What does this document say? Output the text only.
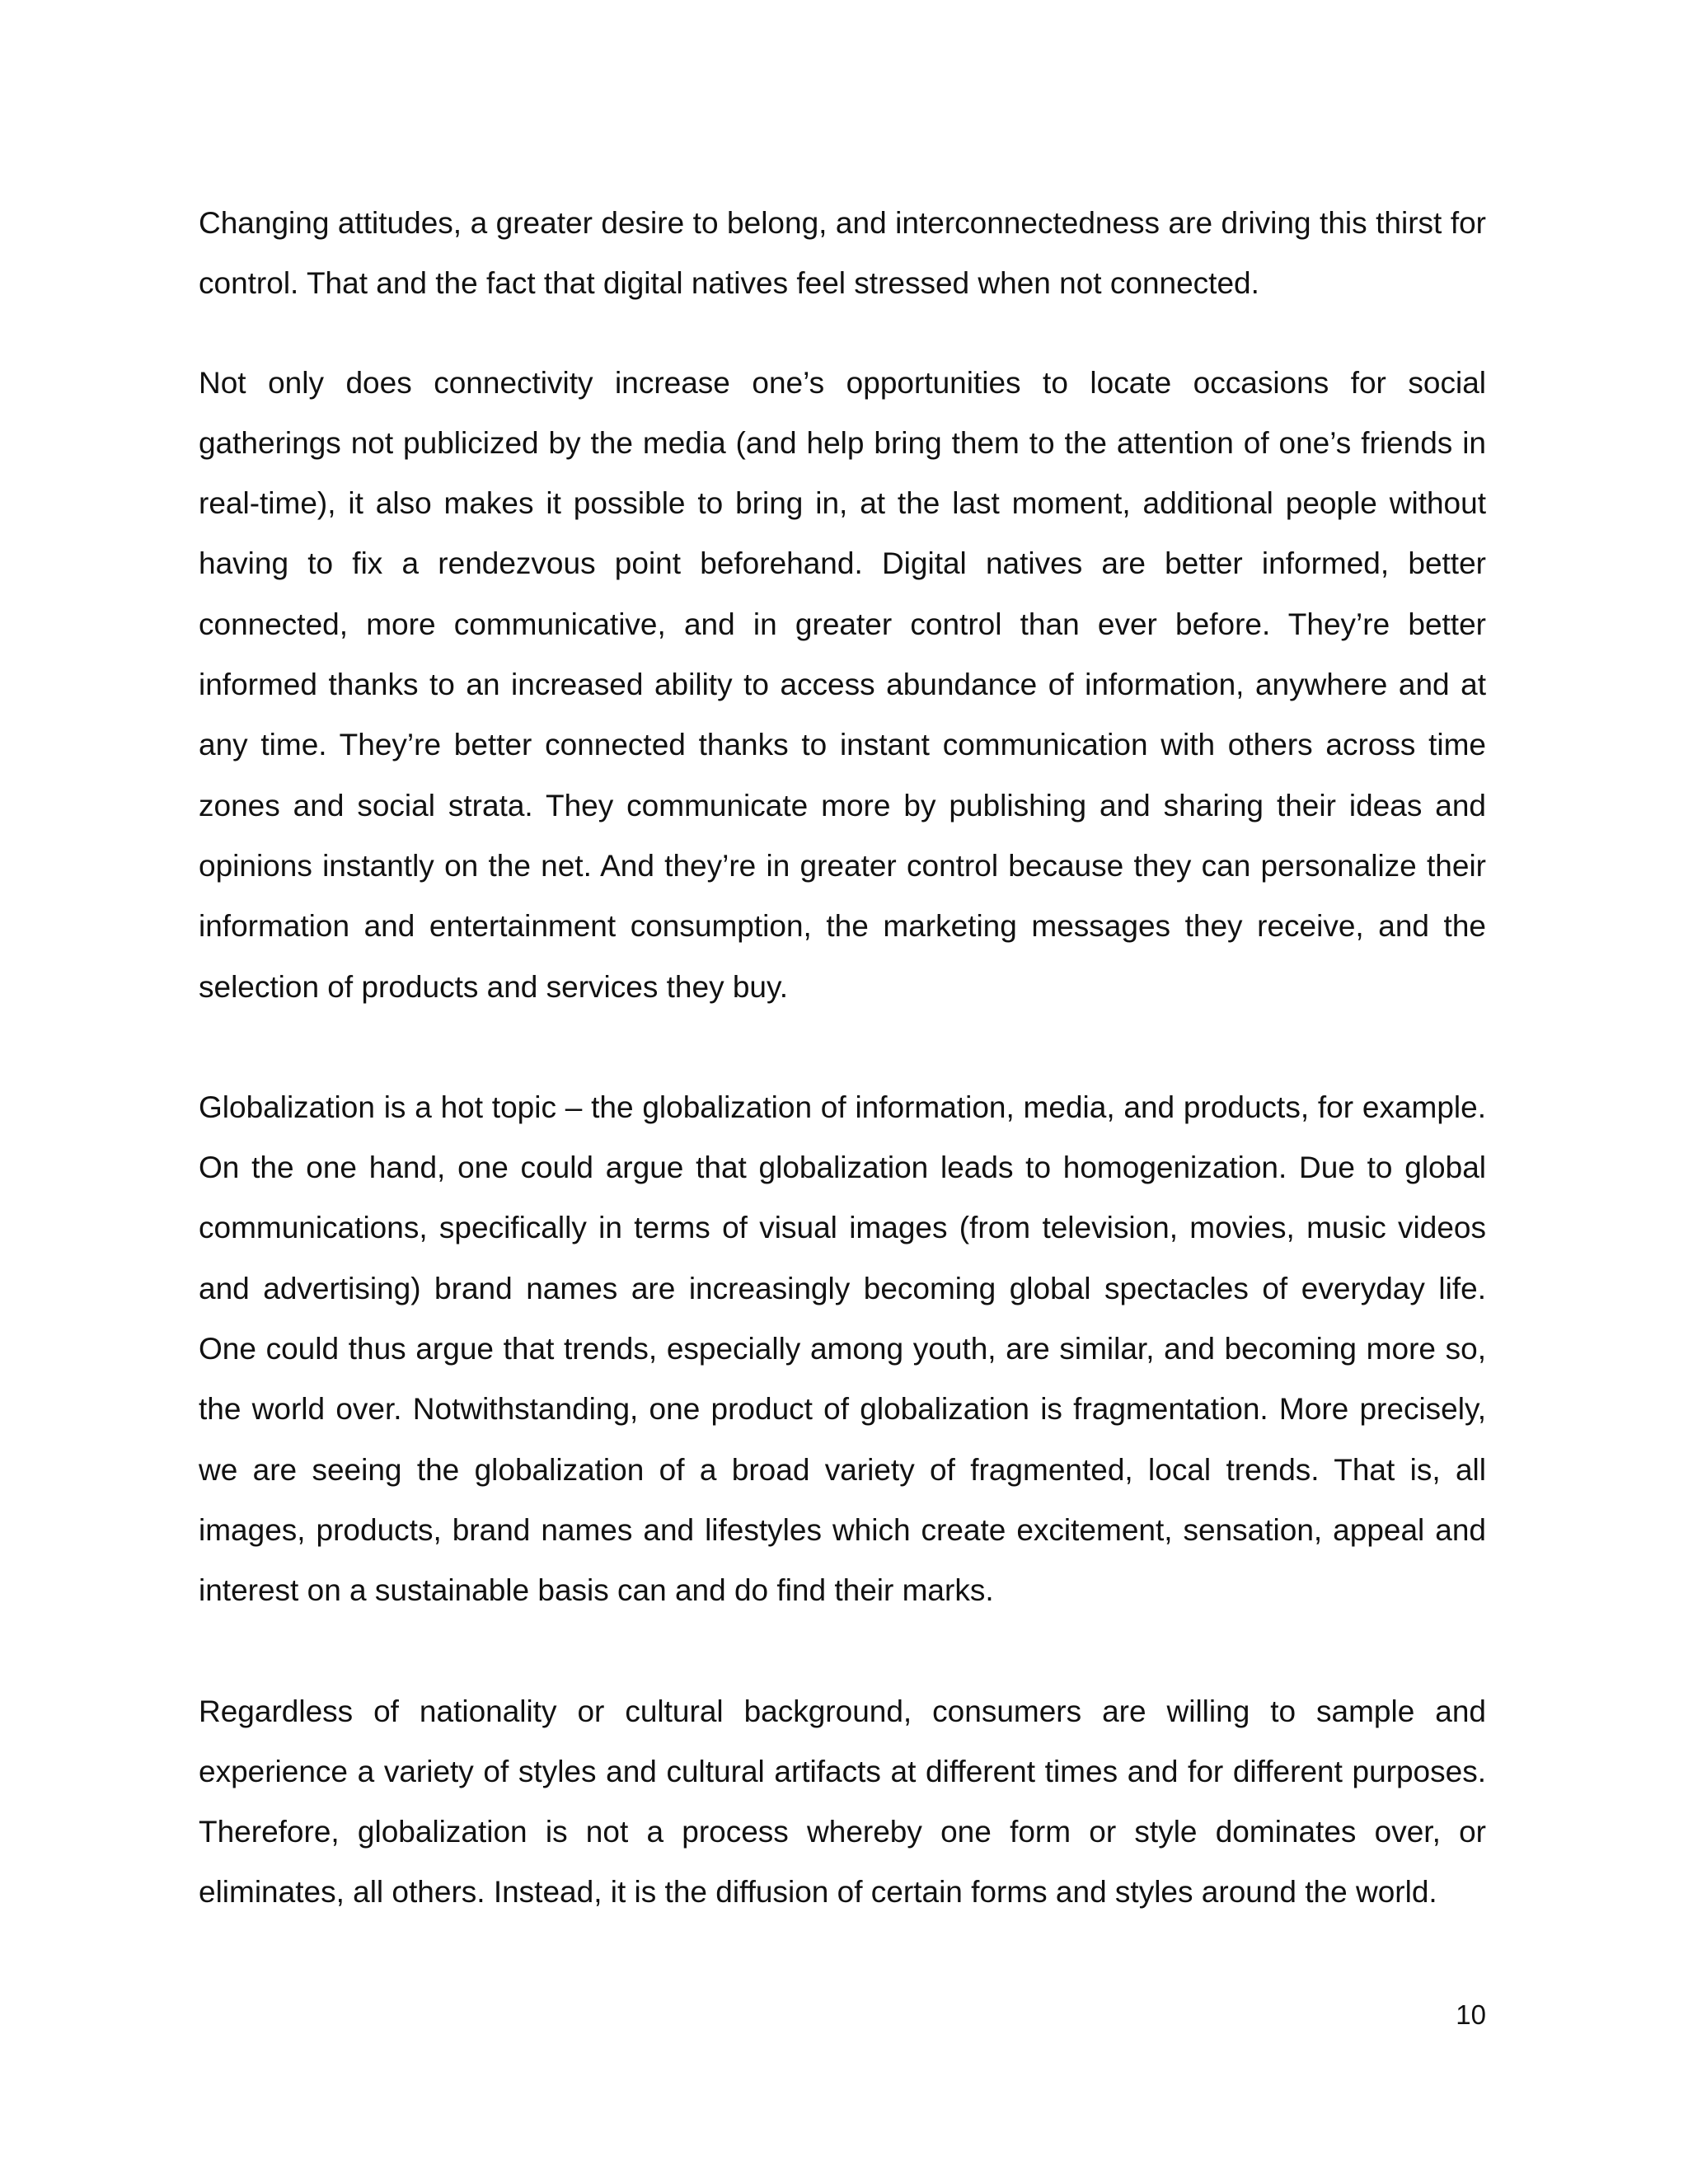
Changing attitudes, a greater desire to belong, and interconnectedness are driving this thirst for control. That and the fact that digital natives feel stressed when not connected.

Not only does connectivity increase one’s opportunities to locate occasions for social gatherings not publicized by the media (and help bring them to the attention of one’s friends in real-time), it also makes it possible to bring in, at the last moment, additional people without having to fix a rendezvous point beforehand. Digital natives are better informed, better connected, more communicative, and in greater control than ever before. They’re better informed thanks to an increased ability to access abundance of information, anywhere and at any time. They’re better connected thanks to instant communication with others across time zones and social strata. They communicate more by publishing and sharing their ideas and opinions instantly on the net. And they’re in greater control because they can personalize their information and entertainment consumption, the marketing messages they receive, and the selection of products and services they buy.

Globalization is a hot topic – the globalization of information, media, and products, for example. On the one hand, one could argue that globalization leads to homogenization. Due to global communications, specifically in terms of visual images (from television, movies, music videos and advertising) brand names are increasingly becoming global spectacles of everyday life. One could thus argue that trends, especially among youth, are similar, and becoming more so, the world over. Notwithstanding, one product of globalization is fragmentation. More precisely, we are seeing the globalization of a broad variety of fragmented, local trends. That is, all images, products, brand names and lifestyles which create excitement, sensation, appeal and interest on a sustainable basis can and do find their marks.

Regardless of nationality or cultural background, consumers are willing to sample and experience a variety of styles and cultural artifacts at different times and for different purposes. Therefore, globalization is not a process whereby one form or style dominates over, or eliminates, all others. Instead, it is the diffusion of certain forms and styles around the world.

10
